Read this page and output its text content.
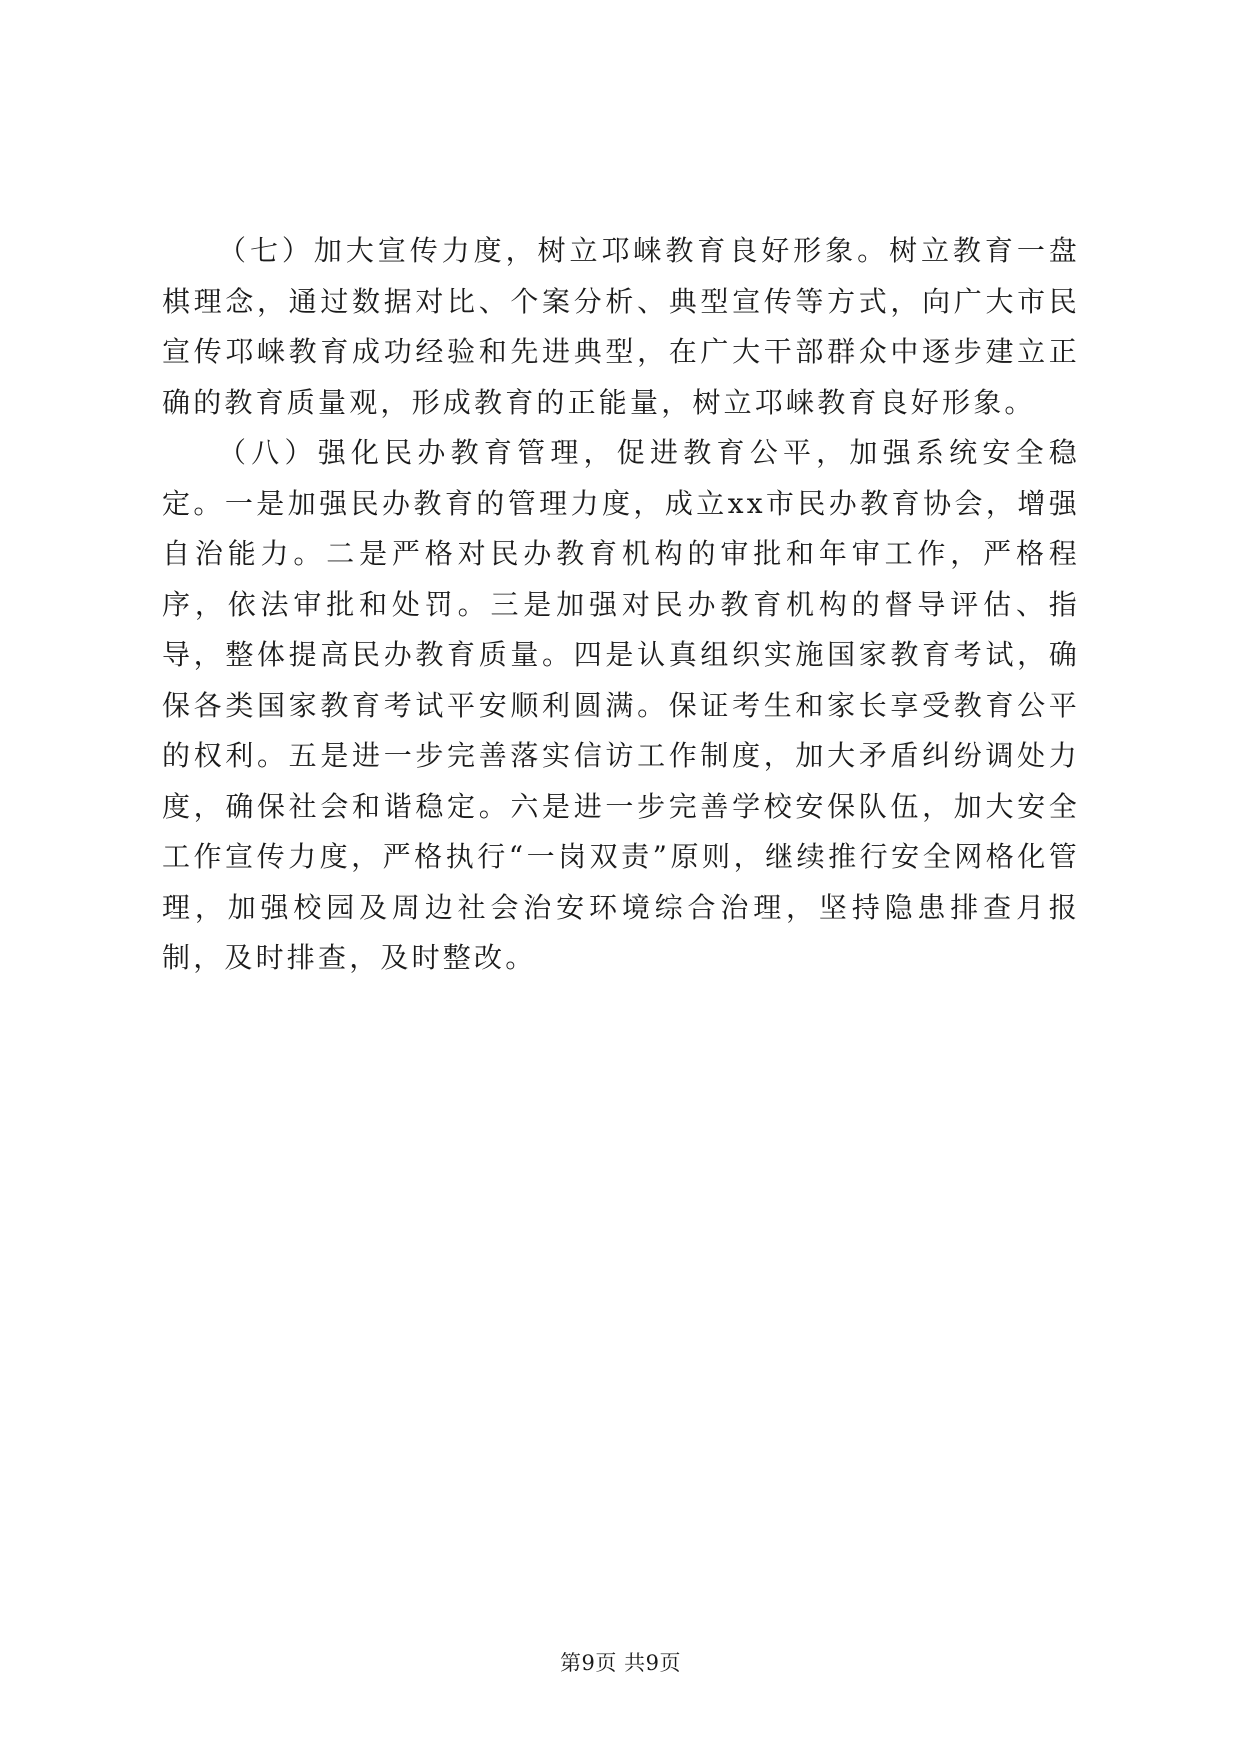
（七）加大宣传力度，树立邛崃教育良好形象。树立教育一盘棋理念，通过数据对比、个案分析、典型宣传等方式，向广大市民宣传邛崃教育成功经验和先进典型，在广大干部群众中逐步建立正确的教育质量观，形成教育的正能量，树立邛崃教育良好形象。

（八）强化民办教育管理，促进教育公平，加强系统安全稳定。一是加强民办教育的管理力度，成立xx市民办教育协会，增强自治能力。二是严格对民办教育机构的审批和年审工作，严格程序，依法审批和处罚。三是加强对民办教育机构的督导评估、指导，整体提高民办教育质量。四是认真组织实施国家教育考试，确保各类国家教育考试平安顺利圆满。保证考生和家长享受教育公平的权利。五是进一步完善落实信访工作制度，加大矛盾纠纷调处力度，确保社会和谐稳定。六是进一步完善学校安保队伍，加大安全工作宣传力度，严格执行“一岗双责”原则，继续推行安全网格化管理，加强校园及周边社会治安环境综合治理，坚持隐患排查月报制，及时排查，及时整改。

第9页 共9页
